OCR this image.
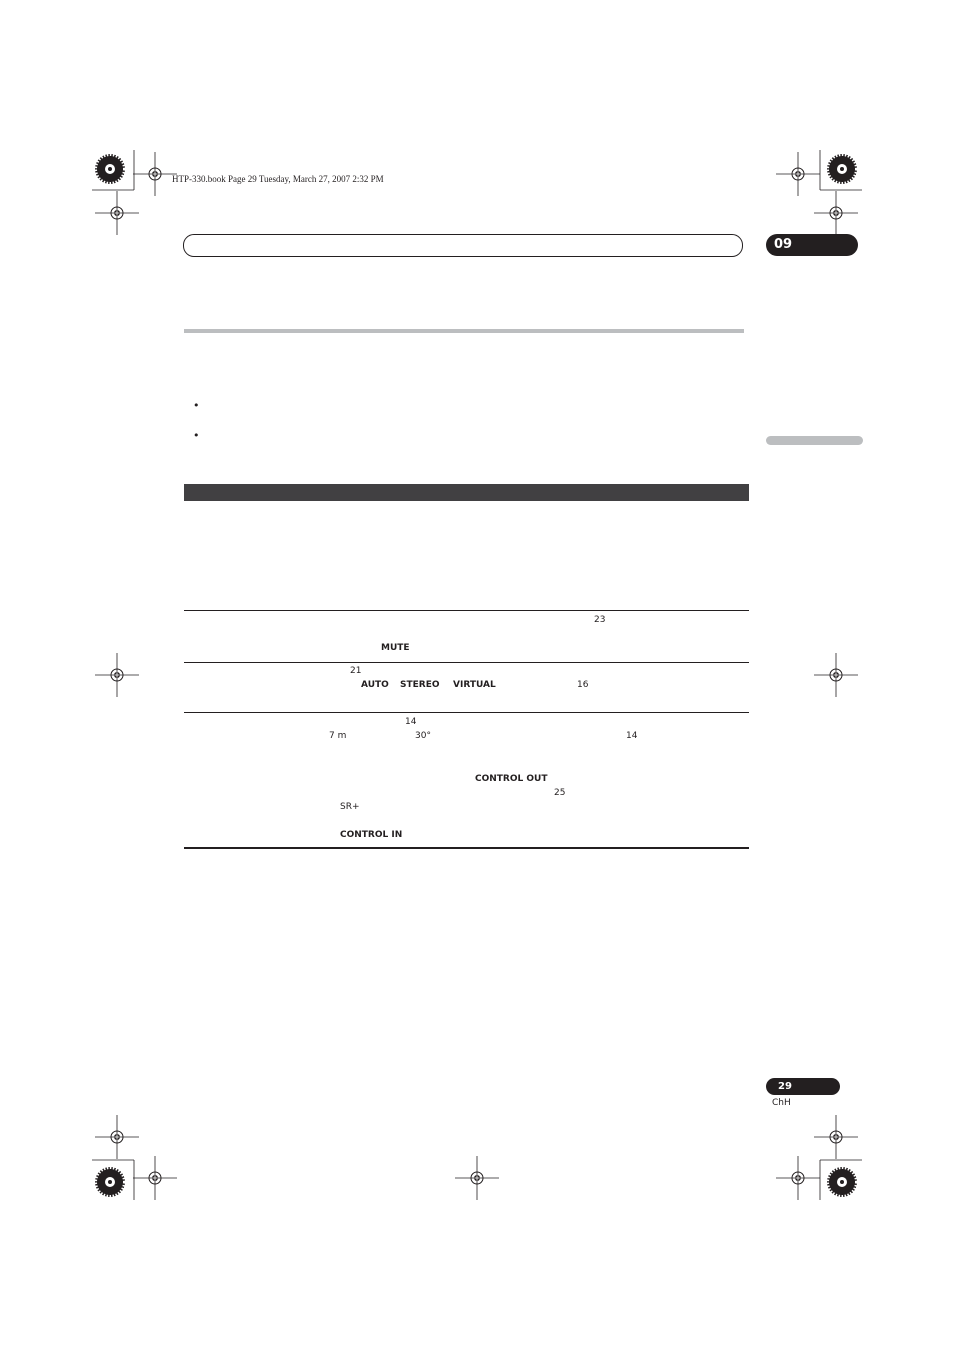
HTP-330.book Page 29 Tuesday, March 27, 2007 2:32 PM
09
•
•
23
MUTE
21
AUTO STEREO VIRTUAL	16
14
7 m	30°	14
CONTROL OUT
25
SR+
CONTROL IN
29
ChH
